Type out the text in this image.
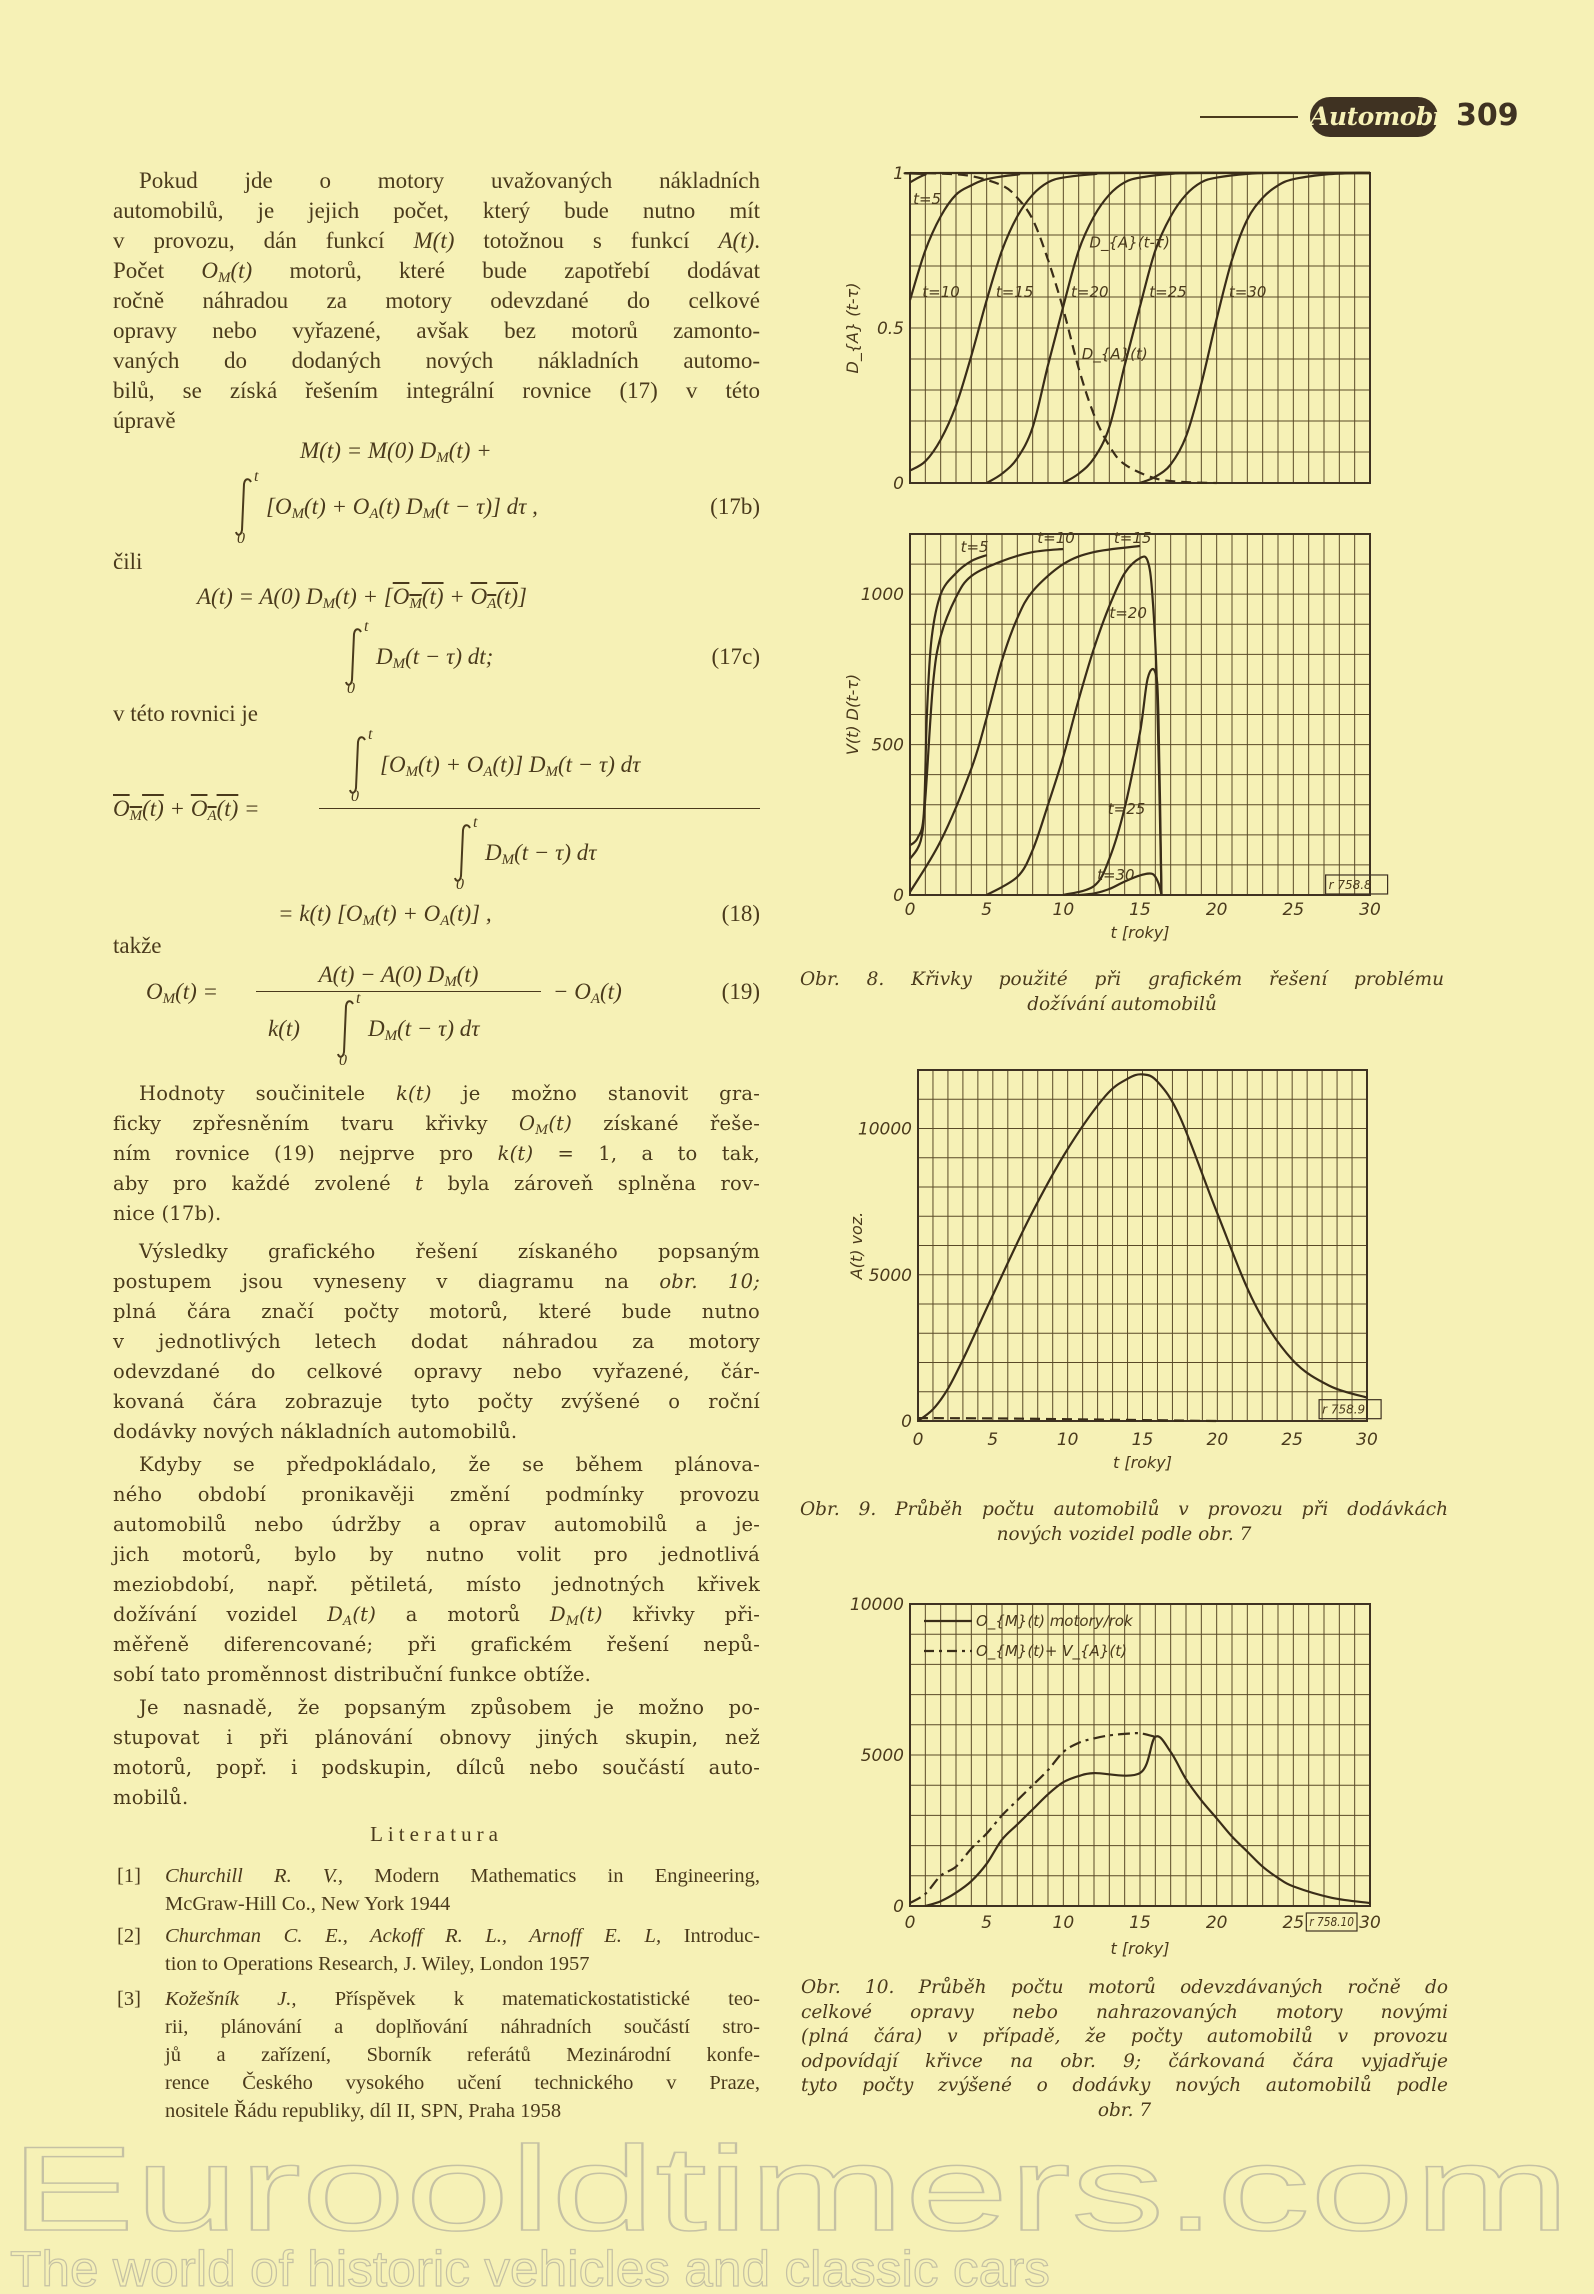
Automobil 309
Pokud jde o motory uvažovaných nákladních
automobilů, je jejich počet, který bude nutno mít
v provozu, dán funkcí M(t) totožnou s funkcí A(t).
Počet $O_M(t)$ motorů, které bude zapotřebí dodávat
ročně náhradou za motory odevzdané do celkové
opravy nebo vyřazené, avšak bez motorů zamonto-
vaných do dodaných nových nákladních automo-
bilů, se získá řešením integrální rovnice (17) v této
úpravě
M(t) = M(0) $D_M(t)$ +
t
0
$[O_M(t) + O_A(t) D_M(t - \tau)]$ dτ ,	(17b)
čili
A(t) = A(0) $D_M(t) + [O_M(t) + O_A(t)]$
t
0
$D_M(t - \tau)$ dt;	(17c)
v této rovnici je
$O_M(t) + O_A(t)$ =
t
0
$[O_M(t) + O_A(t)] D_M(t - \tau)$ dτ
t
0
$D_M(t - \tau)$ dτ
= k(t) $[O_M(t) + O_A(t)]$ ,	(18)
takže
$O_M(t)$ =
A(t) − A(0) $D_M(t)$
k(t)
t
0
$D_M(t - \tau)$ dτ
− $O_A(t)$	(19)
Hodnoty součinitele k(t) je možno stanovit gra-
ficky zpřesněním tvaru křivky $O_M(t)$ získané řeše-
ním rovnice (19) nejprve pro k(t) = 1, a to tak,
aby pro každé zvolené t byla zároveň splněna rov-
nice (17b).
Výsledky grafického řešení získaného popsaným
postupem jsou vyneseny v diagramu na obr. 10;
plná čára značí počty motorů, které bude nutno
v jednotlivých letech dodat náhradou za motory
odevzdané do celkové opravy nebo vyřazené, čár-
kovaná čára zobrazuje tyto počty zvýšené o roční
dodávky nových nákladních automobilů.
Kdyby se předpokládalo, že se během plánova-
ného období pronikavěji změní podmínky provozu
automobilů nebo údržby a oprav automobilů a je-
jich motorů, bylo by nutno volit pro jednotlivá
meziobdobí, např. pětiletá, místo jednotných křivek
dožívání vozidel $D_A(t)$ a motorů $D_M(t)$ křivky při-
měřeně diferencované; při grafickém řešení nepů-
sobí tato proměnnost distribuční funkce obtíže.
Je nasnadě, že popsaným způsobem je možno po-
stupovat i při plánování obnovy jiných skupin, než
motorů, popř. i podskupin, dílců nebo součástí auto-
mobilů.
Literatura
[1] Churchill R. V., Modern Mathematics in Engineering,
McGraw-Hill Co., New York 1944
[2] Churchman C. E., Ackoff R. L., Arnoff E. L, Introduc-
tion to Operations Research, J. Wiley, London 1957
[3] Kožešník J., Příspěvek k matematickostatistické teo-
rii, plánování a doplňování náhradních součástí stro-
jů a zařízení, Sborník referátů Mezinárodní konfe-
rence Českého vysokého učení technického v Praze,
nositele Řádu republiky, díl II, SPN, Praha 1958
0
0.5
1
D_{A} (t-τ)
t=5
t=10 t=15	t=20	t=25	t=30
D_{A}(t-τ)
D_{A}(t)
0
500
1000
0	5	10	15	20	25	30
t [roky]
V(t) D(t-τ)
t=5
t=10	t=15
t=20
t=25
t=30
r 758.8
Obr. 8. Křivky použité při grafickém řešení problému
dožívání automobilů
0
5000
10000
0	5	10	15	20	25	30
t [roky]
A(t) voz.
r 758.9
Obr. 9. Průběh počtu automobilů v provozu při dodávkách
nových vozidel podle obr. 7
0
5000
10000
0	5	10	15	20	25	30
t [roky]
r 758.10
O_{M}(t) motory/rok
O_{M}(t)+ V_{A}(t)
Obr. 10. Průběh počtu motorů odevzdávaných ročně do
celkové opravy nebo nahrazovaných motory novými
(plná čára) v případě, že počty automobilů v provozu
odpovídají křivce na obr. 9; čárkovaná čára vyjadřuje
tyto počty zvýšené o dodávky nových automobilů podle
obr. 7
Eurooldtimers.com
The world of historic vehicles and classic cars
